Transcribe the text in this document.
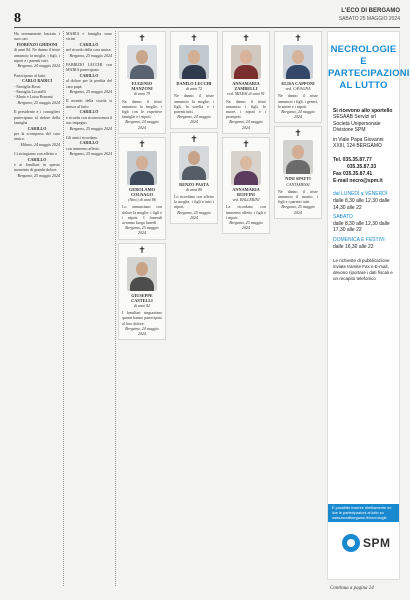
8	L'ECO DI BERGAMO
SABATO 25 MAGGIO 2024
Ha serenamente lasciato i suoi cari
FIORENZO GHIDONI
di anni 84. Ne danno il triste annuncio la moglie, i figli, i nipoti e i parenti tutti.
Bergamo, 24 maggio 2024
Partecipano al lutto:
CARLO RADICI
- Famiglia Rossi
- Famiglia Locatelli
- Mario e Luisa Bonomi
Bergamo, 25 maggio 2024
Il presidente e i consiglieri partecipano al dolore della famiglia
CARILLO
per la scomparsa del caro amico.
Milano, 24 maggio 2024
Ci stringiamo con affetto a
CARILLO
e ai familiari in questo momento di grande dolore.
Bergamo, 25 maggio 2024
MARIA e famiglia sono vicini
CARILLO
nel ricordo della cara amica.
Bergamo, 25 maggio 2024
FABRIZIO LECCHI con MARIA partecipano
CARILLO
al dolore per la perdita del caro papà.
Bergamo, 25 maggio 2024
Il mondo della scuola si unisce al lutto
CARILLO
e ricorda con riconoscenza il suo impegno.
Bergamo, 25 maggio 2024
Gli amici ricordano
CARILLO
con immenso affetto.
Bergamo, 25 maggio 2024
✝
EUGENIO MANZONI
di anni 79
Ne danno il triste annuncio la moglie, i figli con le rispettive famiglie e i nipoti.
Bergamo, 24 maggio 2024
✝
GEROLAMO COLNAGO
(Nino) di anni 86
Lo annunciano con dolore la moglie, i figli e i nipoti. I funerali avranno luogo lunedì.
Bergamo, 25 maggio 2024
✝
GIUSEPPE CASTELLI
di anni 82
I familiari ringraziano quanti hanno partecipato al loro dolore.
Bergamo, 24 maggio 2024
✝
DANILO LECCHI
di anni 72
Ne danno il triste annuncio la moglie, i figli, la sorella e i parenti tutti.
Bergamo, 24 maggio 2024
✝
RENZO PASTA
di anni 80
Lo ricordano con affetto la moglie, i figli e tutti i nipoti.
Bergamo, 25 maggio 2024
✝
ANNAMARIA ZAMBELLI
ved. MILESI di anni 91
Ne danno il triste annuncio i figli, le nuore, i nipoti e i pronipoti.
Bergamo, 24 maggio 2024
✝
ANNAMARIA RUFFINI
ved. BALLERINI
La ricordano con immenso affetto i figli e i nipoti.
Bergamo, 25 maggio 2024
✝
ELISA CAPPONI
ved. CAVAGNA
Ne danno il triste annuncio i figli, i generi, le nuore e i nipoti.
Bergamo, 24 maggio 2024
✝
NINI SPATTI
CANTAMESSI
Ne danno il triste annuncio il marito, i figli e i parenti tutti.
Bergamo, 25 maggio 2024
NECROLOGIE E
PARTECIPAZIONI
AL LUTTO
Si ricevono allo sportello
SESAAB Servizi srl Società Unipersonale Divisione SPM
in Viale Papa Giovanni XXIII, 124 BERGAMO
Tel. 035.35.87.77
035.35.87.33
Fax 035.35.87.41
E-mail necro@spm.it
dal LUNEDÌ a VENERDÌ
dalle 8,30 alle 12,30 dalle 14,30 alle 22
SABATO
dalle 8,30 alle 12,30 dalle 17,30 alle 22
DOMENICA E FESTIVI
dalle 16,30 alle 22
Le richieste di pubblicazione inviate tramite Fax e E-mail, devono riportare i dati fiscali e un recapito telefonico
È possibile inserire direttamente on line le partecipazioni al lutto su www.ecodibergamo.it/necrologie
SPM
Continua a pagina 24
